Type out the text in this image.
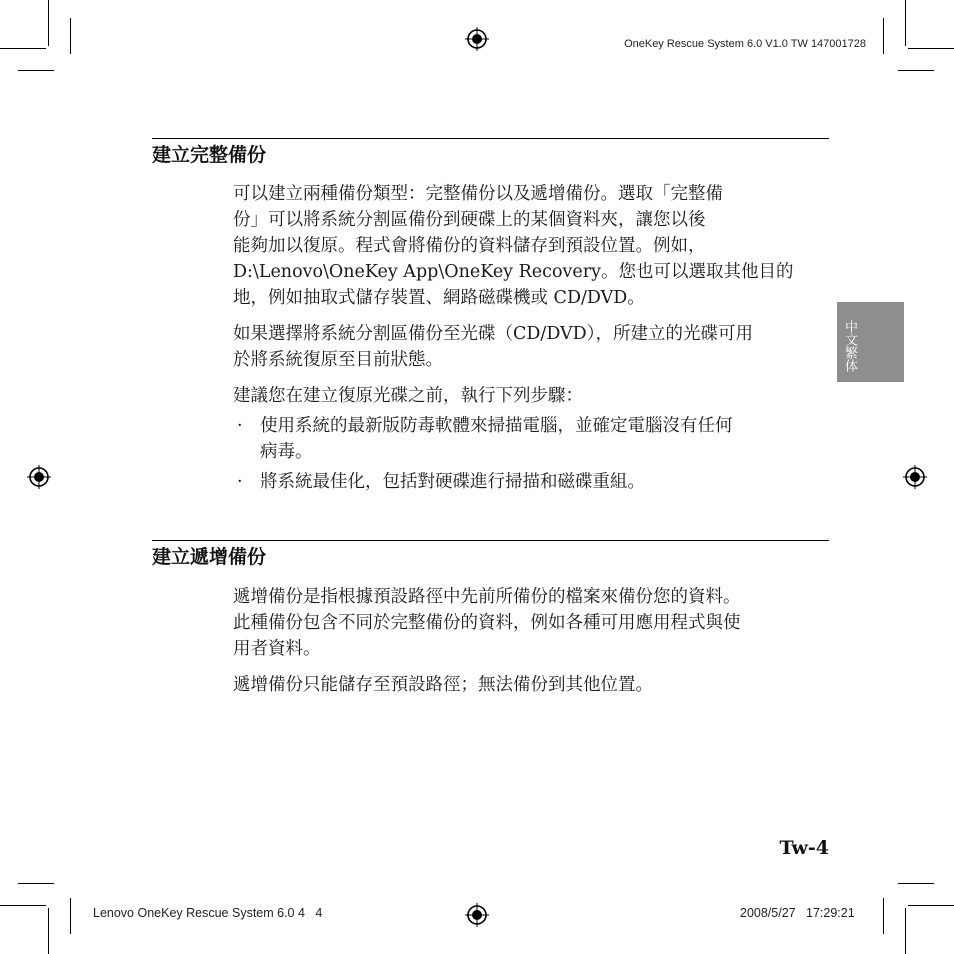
OneKey Rescue System 6.0 V1.0 TW 147001728
中文繁体
建立完整備份

可以建立兩種備份類型：完整備份以及遞增備份。選取「完整備
份」可以將系統分割區備份到硬碟上的某個資料夾，讓您以後
能夠加以復原。程式會將備份的資料儲存到預設位置。例如，
D:\Lenovo\OneKey App\OneKey Recovery。您也可以選取其他目的
地，例如抽取式儲存裝置、網路磁碟機或 CD/DVD。

如果選擇將系統分割區備份至光碟（CD/DVD），所建立的光碟可用
於將系統復原至目前狀態。

建議您在建立復原光碟之前，執行下列步驟：

· 使用系統的最新版防毒軟體來掃描電腦，並確定電腦沒有任何
病毒。
· 將系統最佳化，包括對硬碟進行掃描和磁碟重組。
建立遞增備份

遞增備份是指根據預設路徑中先前所備份的檔案來備份您的資料。
此種備份包含不同於完整備份的資料，例如各種可用應用程式與使
用者資料。

遞增備份只能儲存至預設路徑；無法備份到其他位置。

Tw-4
Lenovo OneKey Rescue System 6.0 4   4	2008/5/27   17:29:21
